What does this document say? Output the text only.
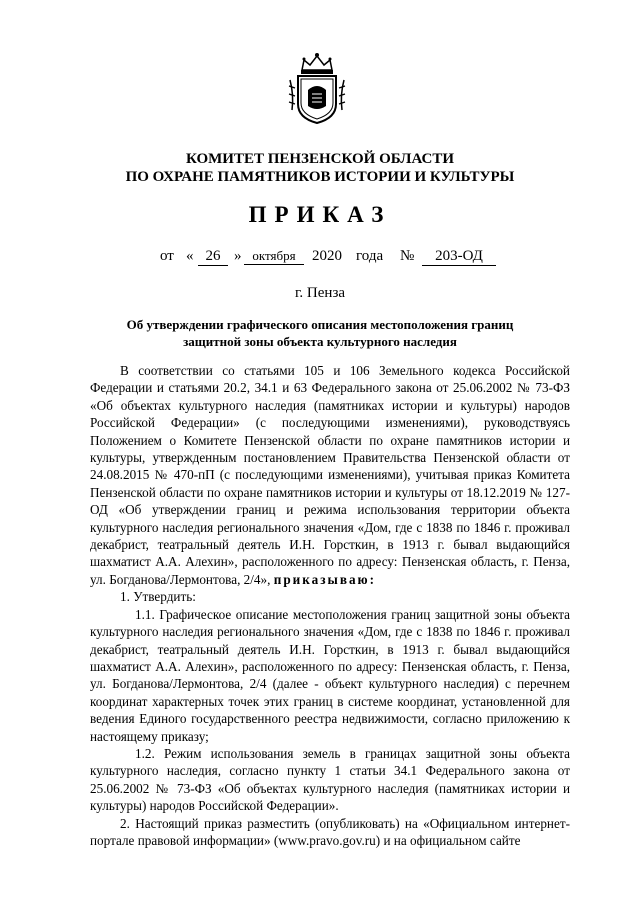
КОМИТЕТ ПЕНЗЕНСКОЙ ОБЛАСТИ
ПО ОХРАНЕ ПАМЯТНИКОВ ИСТОРИИ И КУЛЬТУРЫ
ПРИКАЗ
от « 26 » октября	2020 года №	203-ОД
г. Пенза
Об утверждении графического описания местоположения границ
защитной зоны объекта культурного наследия

В соответствии со статьями 105 и 106 Земельного кодекса Российской Федерации и статьями 20.2, 34.1 и 63 Федерального закона от 25.06.2002 № 73-ФЗ «Об объектах культурного наследия (памятниках истории и культуры) народов Российской Федерации» (с последующими изменениями), руководствуясь Положением о Комитете Пензенской области по охране памятников истории и культуры, утвержденным постановлением Правительства Пензенской области от 24.08.2015 № 470-пП (с последующими изменениями), учитывая приказ Комитета Пензенской области по охране памятников истории и культуры от 18.12.2019 № 127-ОД «Об утверждении границ и режима использования территории объекта культурного наследия регионального значения «Дом, где с 1838 по 1846 г. проживал декабрист, театральный деятель И.Н. Горсткин, в 1913 г. бывал выдающийся шахматист А.А. Алехин», расположенного по адресу: Пензенская область, г. Пенза, ул. Богданова/Лермонтова, 2/4», приказываю:

1. Утвердить:

1.1. Графическое описание местоположения границ защитной зоны объекта культурного наследия регионального значения «Дом, где с 1838 по 1846 г. проживал декабрист, театральный деятель И.Н. Горсткин, в 1913 г. бывал выдающийся шахматист А.А. Алехин», расположенного по адресу: Пензенская область, г. Пенза, ул. Богданова/Лермонтова, 2/4 (далее - объект культурного наследия) с перечнем координат характерных точек этих границ в системе координат, установленной для ведения Единого государственного реестра недвижимости, согласно приложению к настоящему приказу;

1.2. Режим использования земель в границах защитной зоны объекта культурного наследия, согласно пункту 1 статьи 34.1 Федерального закона от 25.06.2002 № 73-ФЗ «Об объектах культурного наследия (памятниках истории и культуры) народов Российской Федерации».

2. Настоящий приказ разместить (опубликовать) на «Официальном интернет-портале правовой информации» (www.pravo.gov.ru) и на официальном сайте
